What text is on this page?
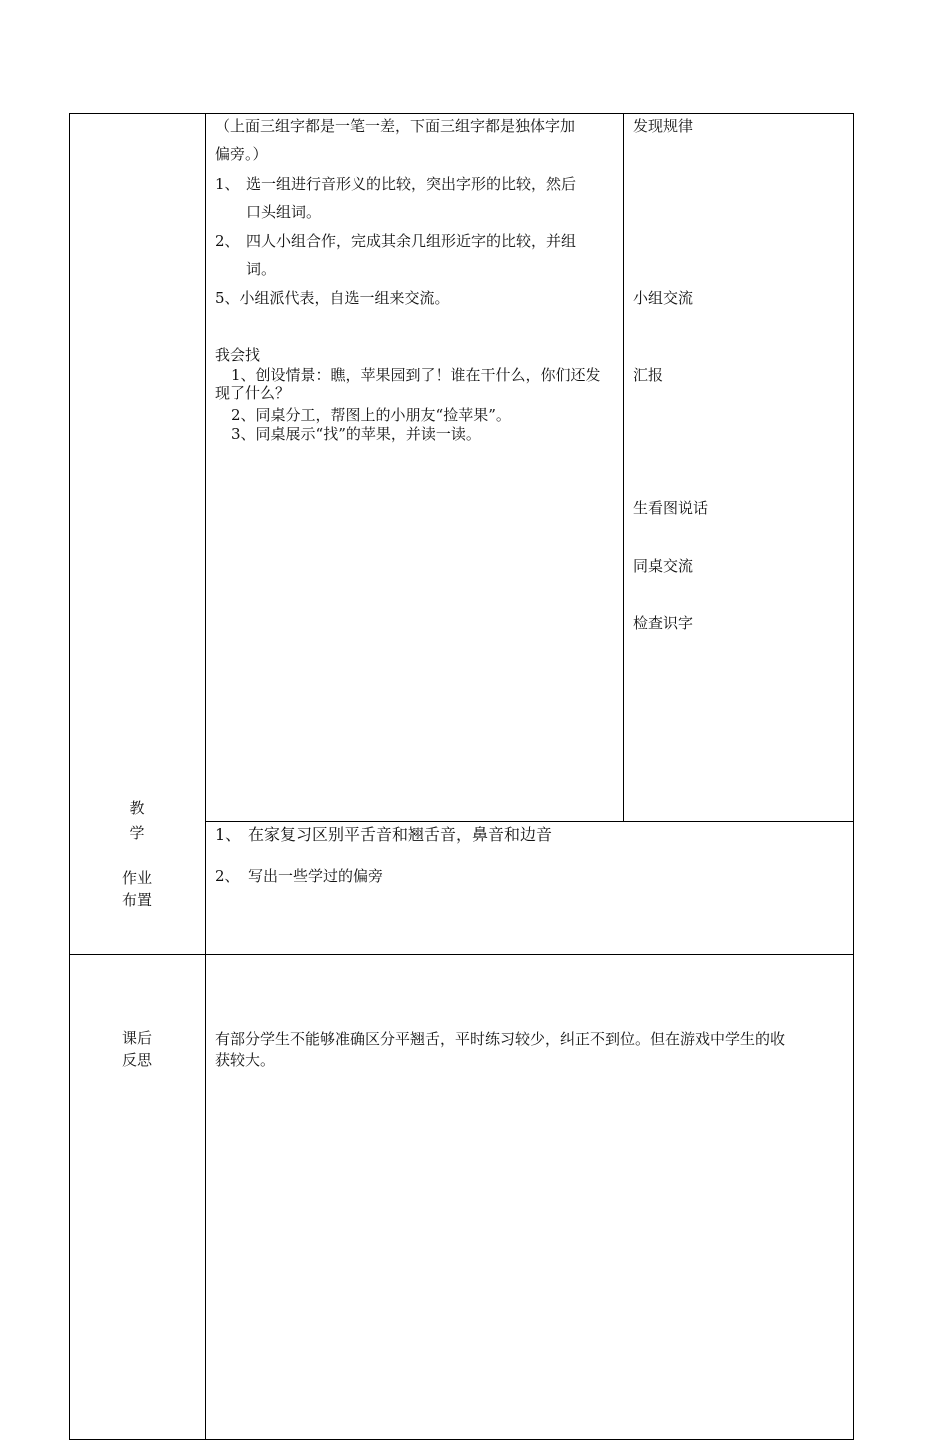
教
学
作业
布置
课后
反思
（上面三组字都是一笔一差，下面三组字都是独体字加
偏旁。）
1、 选一组进行音形义的比较，突出字形的比较，然后
口头组词。
2、 四人小组合作，完成其余几组形近字的比较，并组
词。
5、小组派代表，自选一组来交流。
我会找
1、创设情景：瞧，苹果园到了！谁在干什么，你们还发
现了什么？
2、同桌分工，帮图上的小朋友“捡苹果”。
3、同桌展示“找”的苹果，并读一读。
发现规律
小组交流
汇报
生看图说话
同桌交流
检查识字
1、 在家复习区别平舌音和翘舌音，鼻音和边音
2、 写出一些学过的偏旁
有部分学生不能够准确区分平翘舌，平时练习较少，纠正不到位。但在游戏中学生的收
获较大。
